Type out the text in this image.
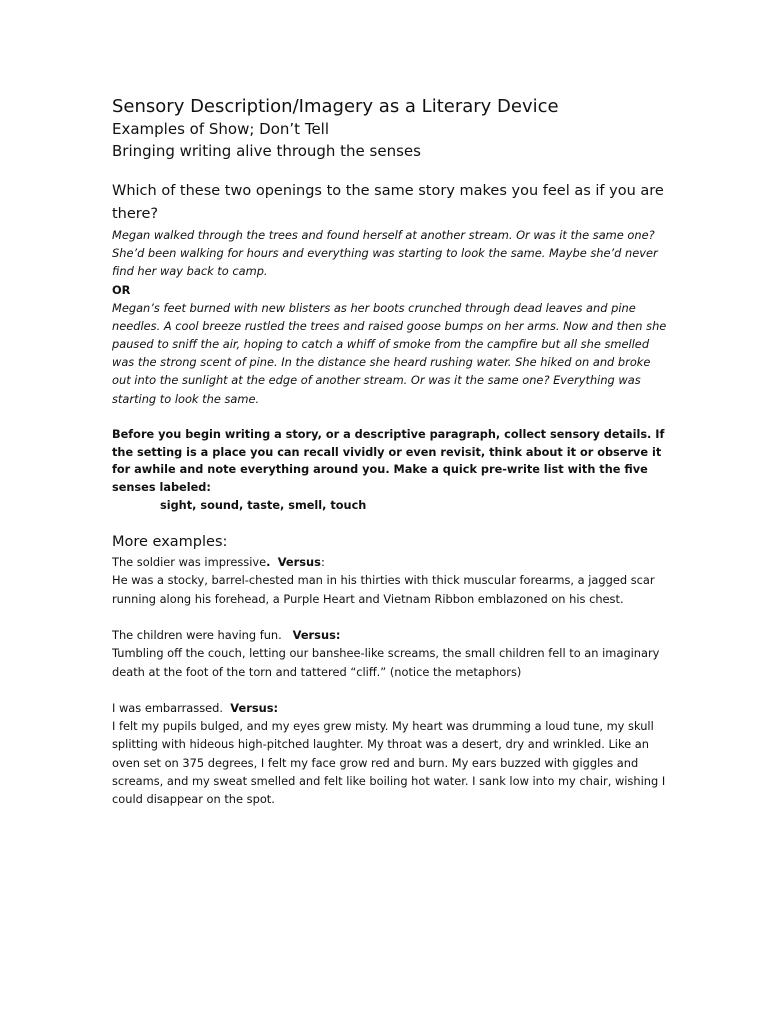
Sensory Description/Imagery as a Literary Device

Examples of Show; Don’t Tell

Bringing writing alive through the senses

Which of these two openings to the same story makes you feel as if you are there?

Megan walked through the trees and found herself at another stream. Or was it the same one? She’d been walking for hours and everything was starting to look the same. Maybe she’d never find her way back to camp.

OR

Megan’s feet burned with new blisters as her boots crunched through dead leaves and pine needles. A cool breeze rustled the trees and raised goose bumps on her arms. Now and then she paused to sniff the air, hoping to catch a whiff of smoke from the campfire but all she smelled was the strong scent of pine. In the distance she heard rushing water. She hiked on and broke out into the sunlight at the edge of another stream. Or was it the same one? Everything was starting to look the same.

Before you begin writing a story, or a descriptive paragraph, collect sensory details. If the setting is a place you can recall vividly or even revisit, think about it or observe it for awhile and note everything around you. Make a quick pre-write list with the five senses labeled:

sight, sound, taste, smell, touch

More examples:

The soldier was impressive. Versus:

He was a stocky, barrel-chested man in his thirties with thick muscular forearms, a jagged scar running along his forehead, a Purple Heart and Vietnam Ribbon emblazoned on his chest.

The children were having fun. Versus:

Tumbling off the couch, letting our banshee-like screams, the small children fell to an imaginary death at the foot of the torn and tattered “cliff.” (notice the metaphors)

I was embarrassed. Versus:

I felt my pupils bulged, and my eyes grew misty. My heart was drumming a loud tune, my skull splitting with hideous high-pitched laughter. My throat was a desert, dry and wrinkled. Like an oven set on 375 degrees, I felt my face grow red and burn. My ears buzzed with giggles and screams, and my sweat smelled and felt like boiling hot water. I sank low into my chair, wishing I could disappear on the spot.
